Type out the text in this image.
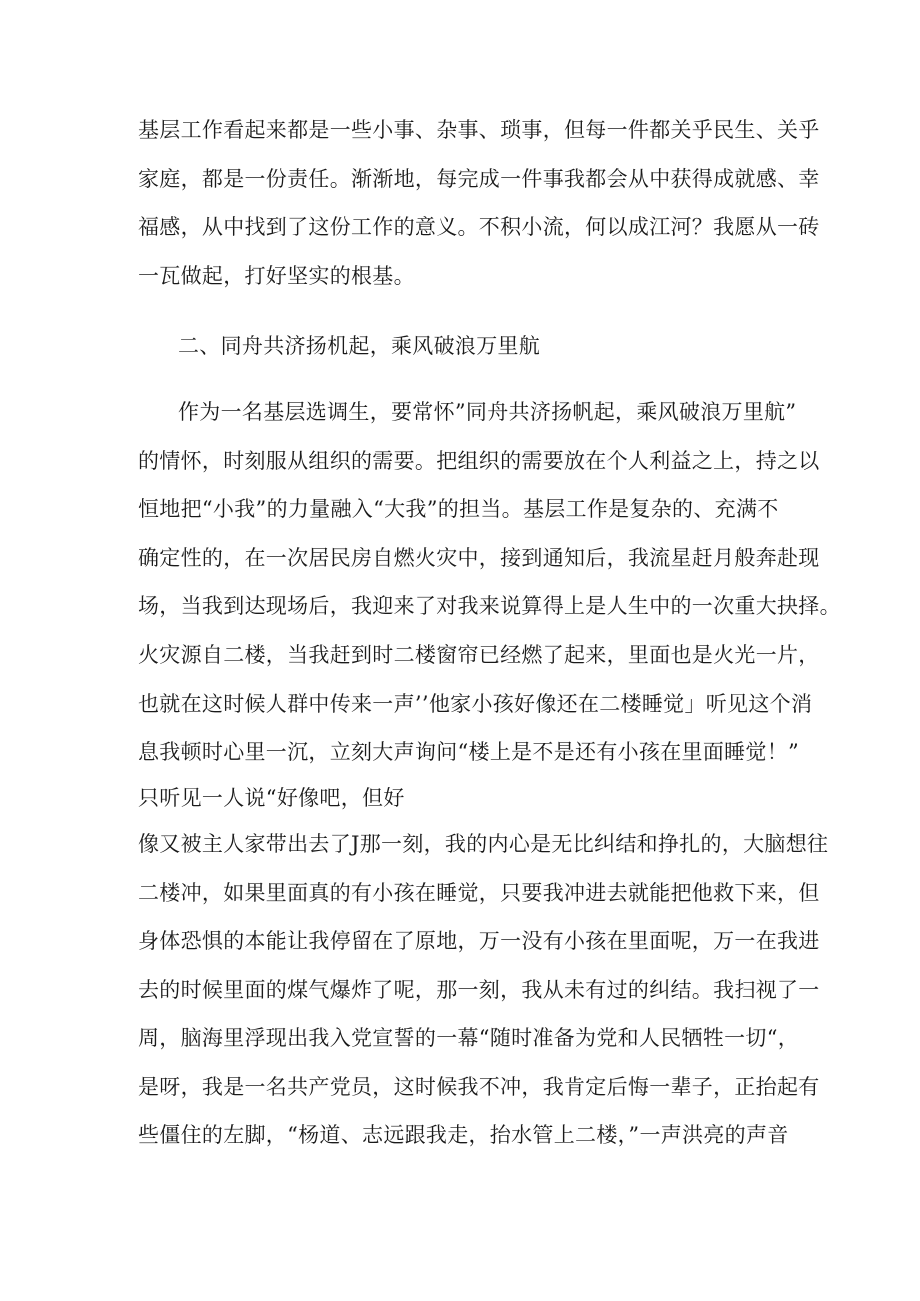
基层工作看起来都是一些小事、杂事、琐事，但每一件都关乎民生、关乎
家庭，都是一份责任。渐渐地，每完成一件事我都会从中获得成就感、幸
福感，从中找到了这份工作的意义。不积小流，何以成江河？我愿从一砖
一瓦做起，打好坚实的根基。
二、同舟共济扬机起，乘风破浪万里航
作为一名基层选调生，要常怀”同舟共济扬帆起，乘风破浪万里航”
的情怀，时刻服从组织的需要。把组织的需要放在个人利益之上，持之以
恒地把“小我”的力量融入“大我”的担当。基层工作是复杂的、充满不
确定性的，在一次居民房自燃火灾中，接到通知后，我流星赶月般奔赴现
场，当我到达现场后，我迎来了对我来说算得上是人生中的一次重大抉择。
火灾源自二楼，当我赶到时二楼窗帘已经燃了起来，里面也是火光一片，
也就在这时候人群中传来一声’’他家小孩好像还在二楼睡觉」听见这个消
息我顿时心里一沉，立刻大声询问“楼上是不是还有小孩在里面睡觉！”
只听见一人说“好像吧，但好
像又被主人家带出去了J那一刻，我的内心是无比纠结和挣扎的，大脑想往
二楼冲，如果里面真的有小孩在睡觉，只要我冲进去就能把他救下来，但
身体恐惧的本能让我停留在了原地，万一没有小孩在里面呢，万一在我进
去的时候里面的煤气爆炸了呢，那一刻，我从未有过的纠结。我扫视了一
周，脑海里浮现出我入党宣誓的一幕“随时准备为党和人民牺牲一切“，
是呀，我是一名共产党员，这时候我不冲，我肯定后悔一辈子，正抬起有
些僵住的左脚，“杨道、志远跟我走，抬水管上二楼，”一声洪亮的声音
